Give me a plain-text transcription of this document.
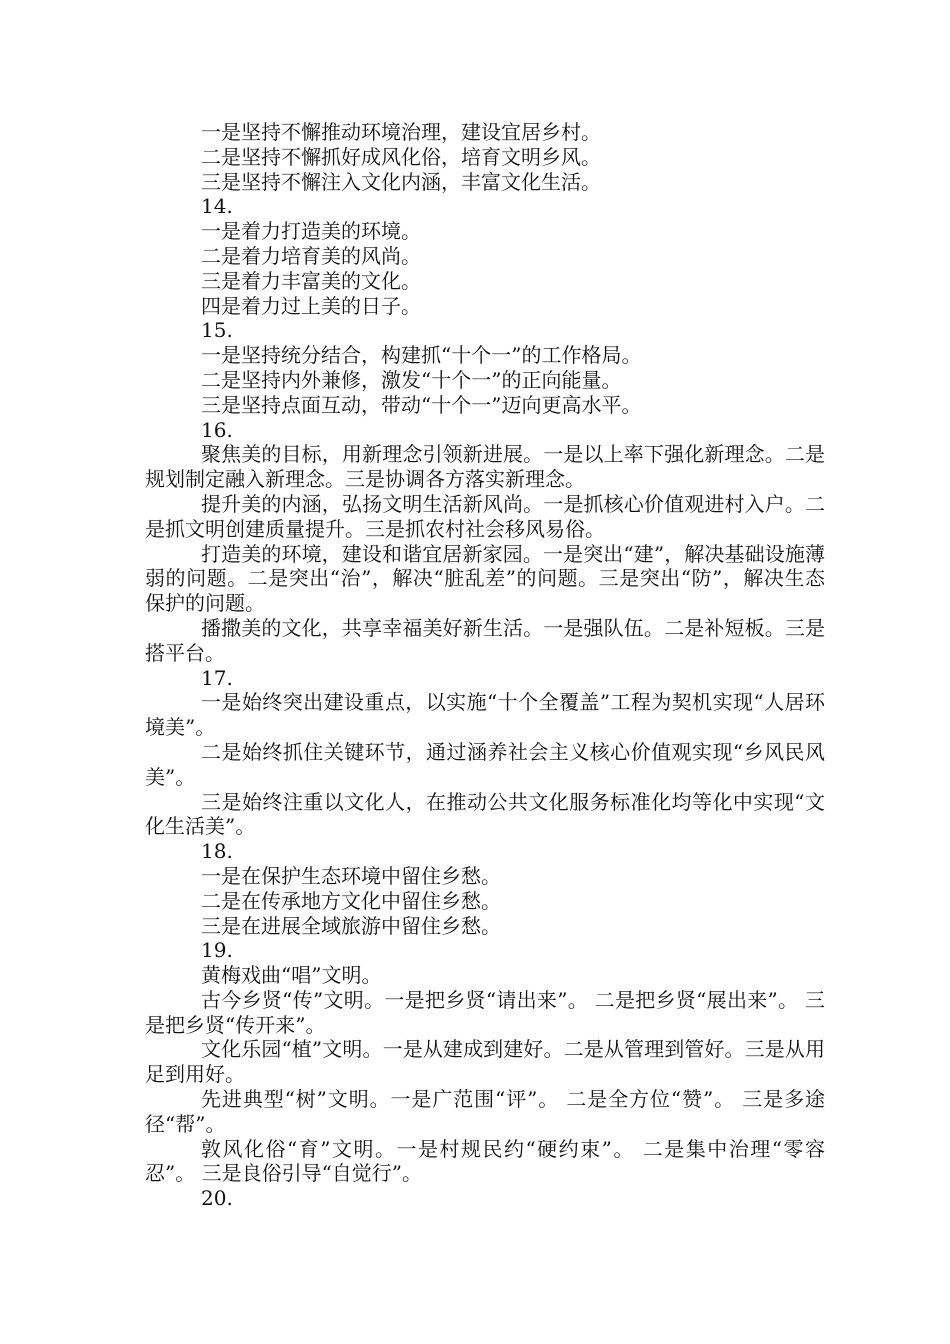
一是坚持不懈推动环境治理，建设宜居乡村。

二是坚持不懈抓好成风化俗，培育文明乡风。

三是坚持不懈注入文化内涵，丰富文化生活。

14.

一是着力打造美的环境。

二是着力培育美的风尚。

三是着力丰富美的文化。

四是着力过上美的日子。

15.

一是坚持统分结合，构建抓“十个一”的工作格局。

二是坚持内外兼修，激发“十个一”的正向能量。

三是坚持点面互动，带动“十个一”迈向更高水平。

16.

聚焦美的目标，用新理念引领新进展。一是以上率下强化新理念。二是规划制定融入新理念。三是协调各方落实新理念。

提升美的内涵，弘扬文明生活新风尚。一是抓核心价值观进村入户。二是抓文明创建质量提升。三是抓农村社会移风易俗。

打造美的环境，建设和谐宜居新家园。一是突出“建”，解决基础设施薄弱的问题。二是突出“治”，解决“脏乱差”的问题。三是突出“防”，解决生态保护的问题。

播撒美的文化，共享幸福美好新生活。一是强队伍。二是补短板。三是搭平台。

17.

一是始终突出建设重点，以实施“十个全覆盖”工程为契机实现“人居环境美”。

二是始终抓住关键环节，通过涵养社会主义核心价值观实现“乡风民风美”。

三是始终注重以文化人，在推动公共文化服务标准化均等化中实现“文化生活美”。

18.

一是在保护生态环境中留住乡愁。

二是在传承地方文化中留住乡愁。

三是在进展全域旅游中留住乡愁。

19.

黄梅戏曲“唱”文明。

古今乡贤“传”文明。一是把乡贤“请出来”。 二是把乡贤“展出来”。 三是把乡贤“传开来”。

文化乐园“植”文明。一是从建成到建好。二是从管理到管好。三是从用足到用好。

先进典型“树”文明。一是广范围“评”。 二是全方位“赞”。 三是多途径“帮”。

敦风化俗“育”文明。一是村规民约“硬约束”。 二是集中治理“零容忍”。 三是良俗引导“自觉行”。

20.
